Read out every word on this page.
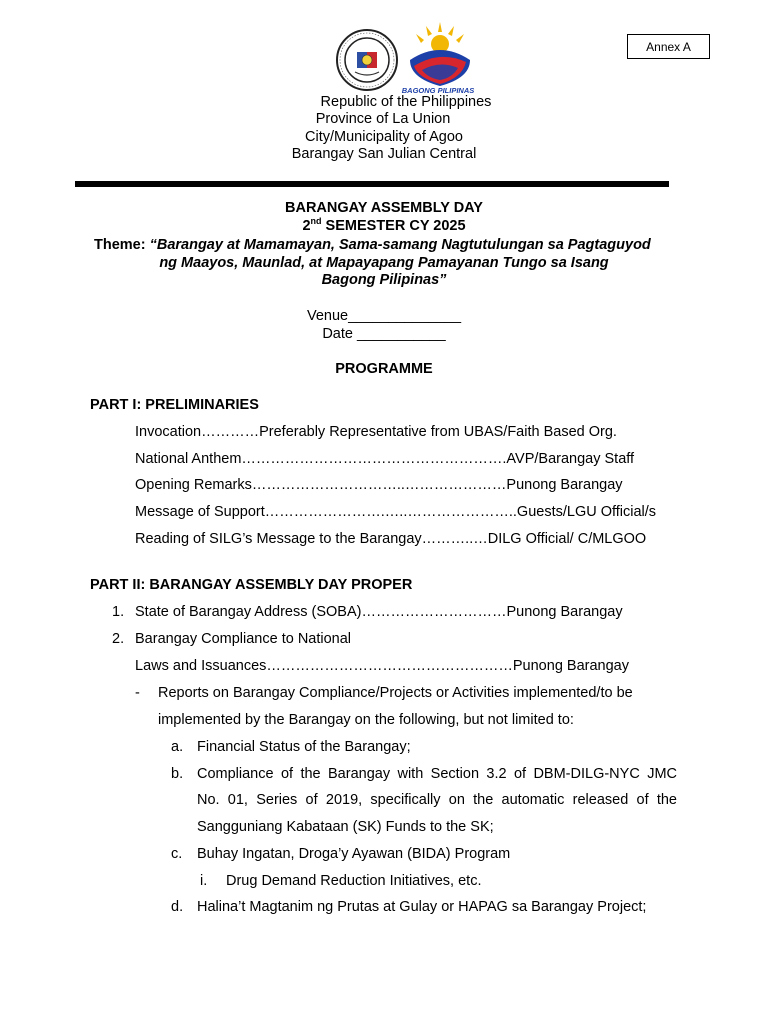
Annex A
BAGONG PILIPINAS
Republic of the Philippines
Province of La Union
City/Municipality of Agoo
Barangay San Julian Central
BARANGAY ASSEMBLY DAY
2nd SEMESTER CY 2025
Theme: “Barangay at Mamamayan, Sama-samang Nagtutulungan sa Pagtaguyod
ng Maayos, Maunlad, at Mapayapang Pamayanan Tungo sa Isang
Bagong Pilipinas”
Venue______________
Date ___________
PROGRAMME
PART I: PRELIMINARIES
Invocation…………Preferably Representative from UBAS/Faith Based Org.
National Anthem……………………………………………….AVP/Barangay Staff
Opening Remarks…………………………..…………………Punong Barangay
Message of Support…………………….…..…………………..Guests/LGU Official/s
Reading of SILG’s Message to the Barangay………..…DILG Official/ C/MLGOO
PART II: BARANGAY ASSEMBLY DAY PROPER
1. State of Barangay Address (SOBA)…………………………Punong Barangay
2. Barangay Compliance to National
Laws and Issuances……………………………………………Punong Barangay
- Reports on Barangay Compliance/Projects or Activities implemented/to be
implemented by the Barangay on the following, but not limited to:
a. Financial Status of the Barangay;
b. Compliance of the Barangay with Section 3.2 of DBM-DILG-NYC JMC
No. 01, Series of 2019, specifically on the automatic released of the
Sangguniang Kabataan (SK) Funds to the SK;
c. Buhay Ingatan, Droga’y Ayawan (BIDA) Program
i. Drug Demand Reduction Initiatives, etc.
d. Halina’t Magtanim ng Prutas at Gulay or HAPAG sa Barangay Project;
